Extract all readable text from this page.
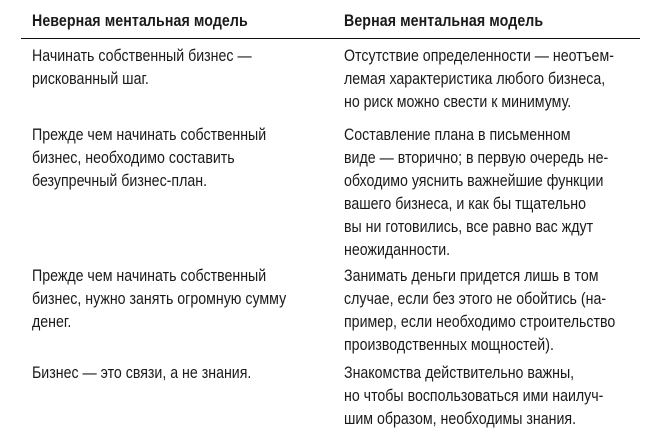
Неверная ментальная модель	Верная ментальная модель
Начинать собственный бизнес —
рискованный шаг.
Отсутствие определенности — неотъем-
лемая характеристика любого бизнеса,
но риск можно свести к минимуму.
Прежде чем начинать собственный
бизнес, необходимо составить
безупречный бизнес-план.
Составление плана в письменном
виде — вторично; в первую очередь не-
обходимо уяснить важнейшие функции
вашего бизнеса, и как бы тщательно
вы ни готовились, все равно вас ждут
неожиданности.
Прежде чем начинать собственный
бизнес, нужно занять огромную сумму
денег.
Занимать деньги придется лишь в том
случае, если без этого не обойтись (на-
пример, если необходимо строительство
производственных мощностей).
Бизнес — это связи, а не знания.	Знакомства действительно важны,
но чтобы воспользоваться ими наилуч-
шим образом, необходимы знания.
